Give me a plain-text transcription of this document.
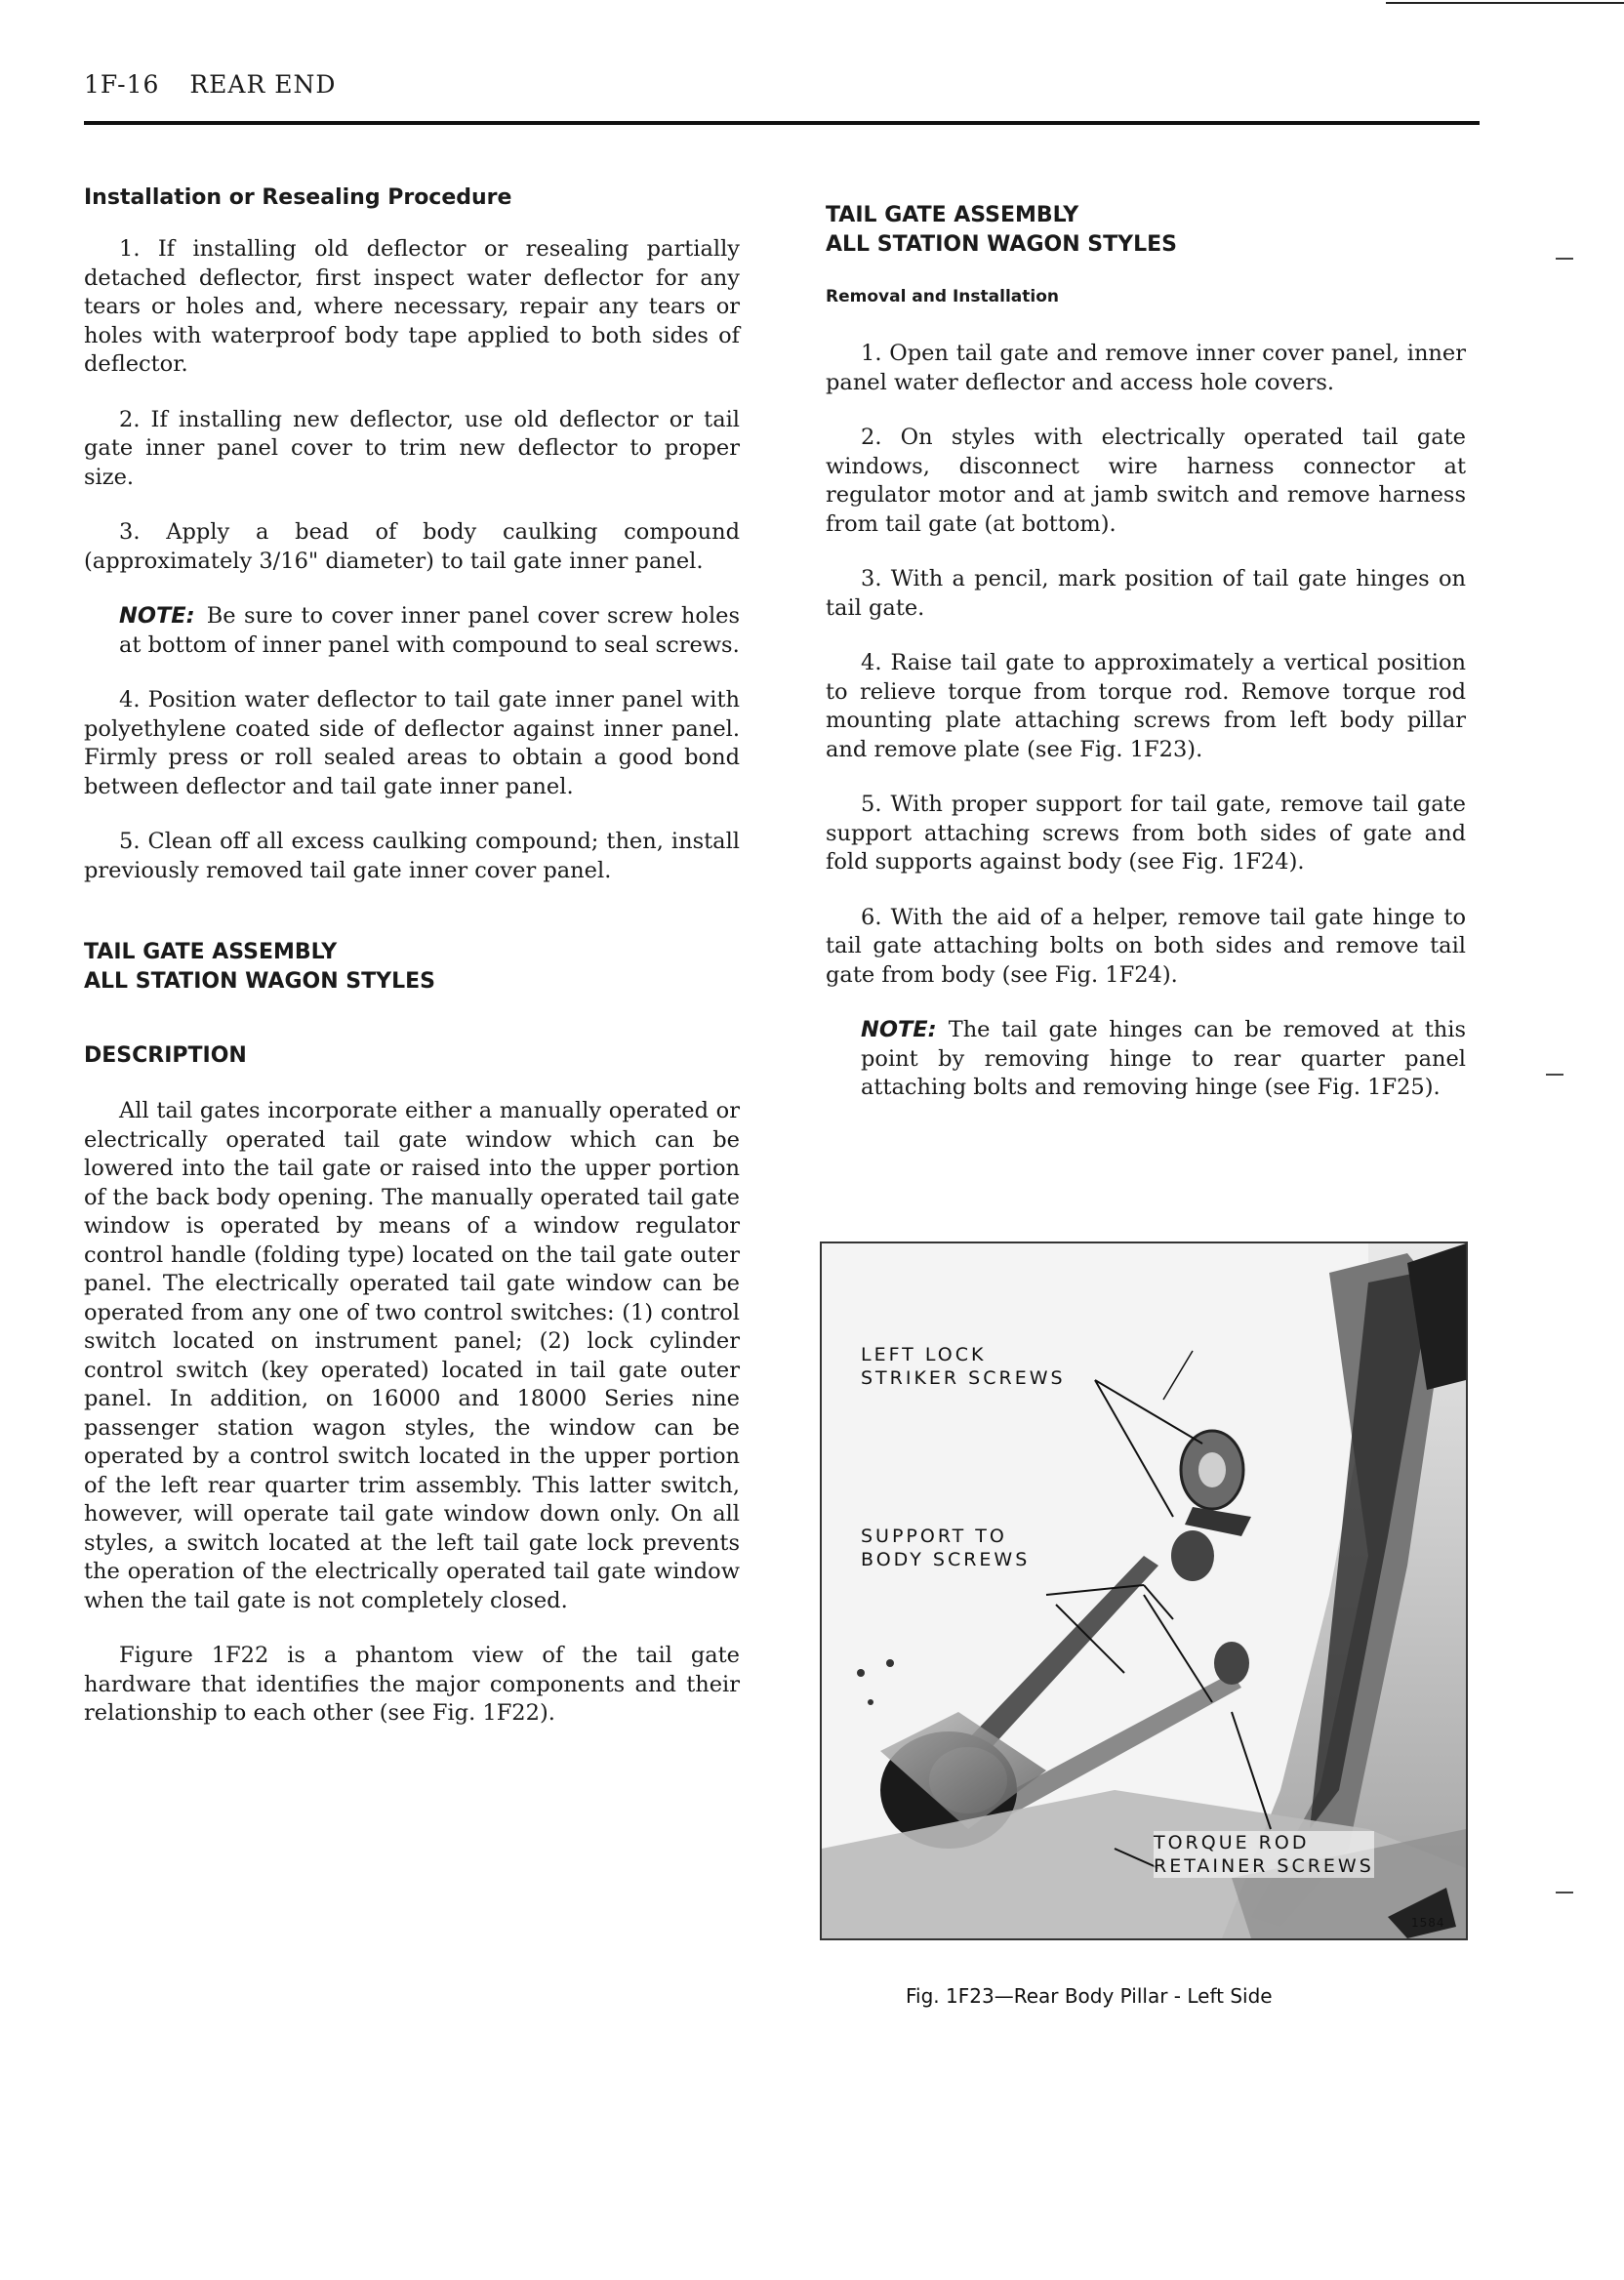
1F-16 REAR END
Installation or Resealing Procedure

1. If installing old deflector or resealing partially detached deflector, first inspect water deflector for any tears or holes and, where necessary, repair any tears or holes with waterproof body tape applied to both sides of deflector.

2. If installing new deflector, use old deflector or tail gate inner panel cover to trim new deflector to proper size.

3. Apply a bead of body caulking compound (approximately 3/16" diameter) to tail gate inner panel.

NOTE: Be sure to cover inner panel cover screw holes at bottom of inner panel with compound to seal screws.

4. Position water deflector to tail gate inner panel with polyethylene coated side of deflector against inner panel. Firmly press or roll sealed areas to obtain a good bond between deflector and tail gate inner panel.

5. Clean off all excess caulking compound; then, install previously removed tail gate inner cover panel.

TAIL GATE ASSEMBLY
ALL STATION WAGON STYLES
DESCRIPTION

All tail gates incorporate either a manually operated or electrically operated tail gate window which can be lowered into the tail gate or raised into the upper portion of the back body opening. The manually operated tail gate window is operated by means of a window regulator control handle (folding type) located on the tail gate outer panel. The electrically operated tail gate window can be operated from any one of two control switches: (1) control switch located on instrument panel; (2) lock cylinder control switch (key operated) located in tail gate outer panel. In addition, on 16000 and 18000 Series nine passenger station wagon styles, the window can be operated by a control switch located in the upper portion of the left rear quarter trim assembly. This latter switch, however, will operate tail gate window down only. On all styles, a switch located at the left tail gate lock prevents the operation of the electrically operated tail gate window when the tail gate is not completely closed.

Figure 1F22 is a phantom view of the tail gate hardware that identifies the major components and their relationship to each other (see Fig. 1F22).

TAIL GATE ASSEMBLY
ALL STATION WAGON STYLES
Removal and Installation

1. Open tail gate and remove inner cover panel, inner panel water deflector and access hole covers.

2. On styles with electrically operated tail gate windows, disconnect wire harness connector at regulator motor and at jamb switch and remove harness from tail gate (at bottom).

3. With a pencil, mark position of tail gate hinges on tail gate.

4. Raise tail gate to approximately a vertical position to relieve torque from torque rod. Remove torque rod mounting plate attaching screws from left body pillar and remove plate (see Fig. 1F23).

5. With proper support for tail gate, remove tail gate support attaching screws from both sides of gate and fold supports against body (see Fig. 1F24).

6. With the aid of a helper, remove tail gate hinge to tail gate attaching bolts on both sides and remove tail gate from body (see Fig. 1F24).

NOTE: The tail gate hinges can be removed at this point by removing hinge to rear quarter panel attaching bolts and removing hinge (see Fig. 1F25).

LEFT LOCK
STRIKER SCREWS
SUPPORT TO
BODY SCREWS
TORQUE ROD
RETAINER SCREWS
1584
Fig. 1F23—Rear Body Pillar - Left Side
